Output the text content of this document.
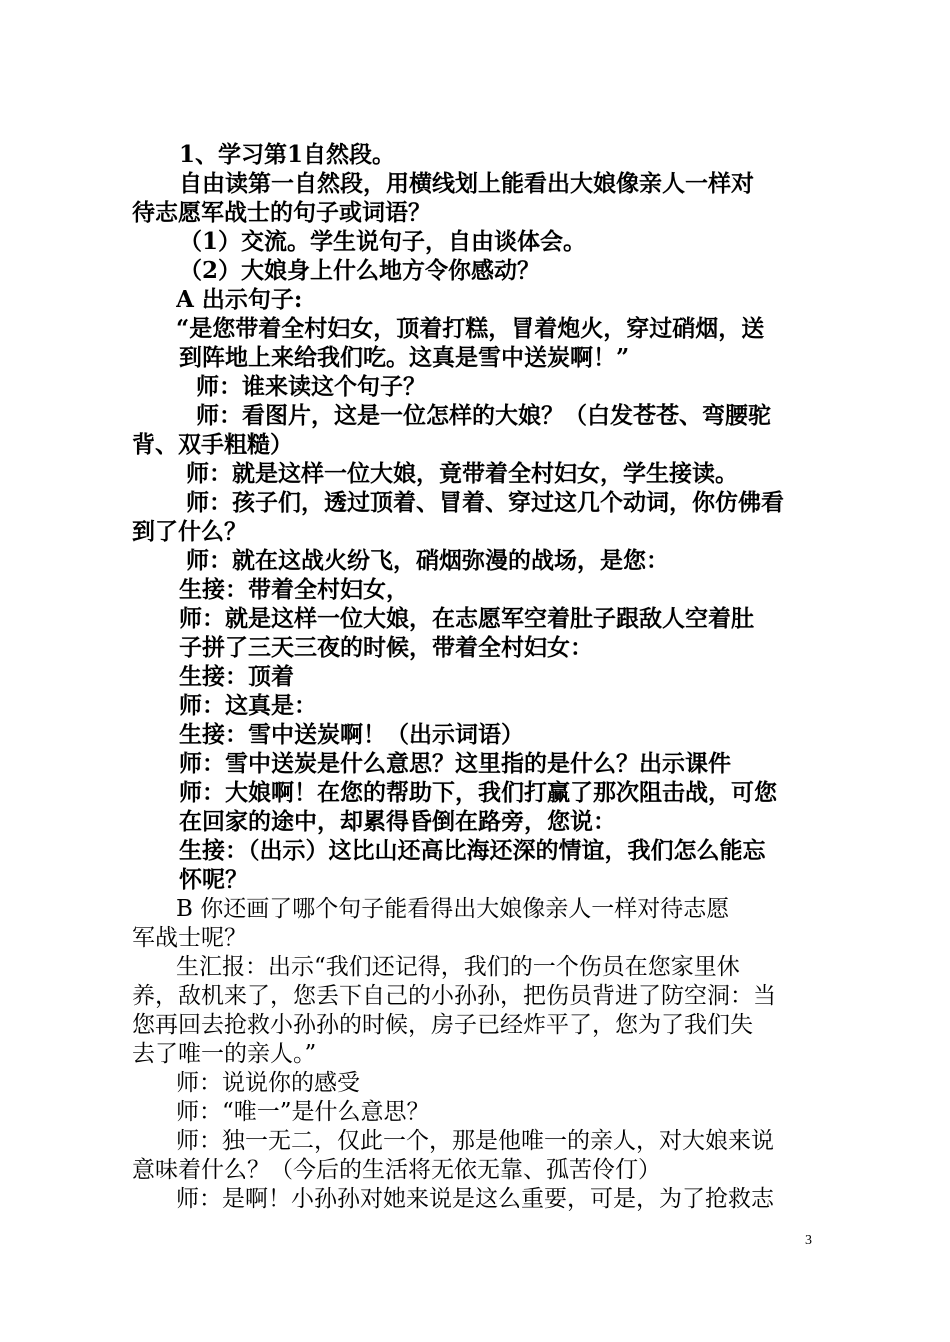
1、学习第1自然段。
自由读第一自然段，用横线划上能看出大娘像亲人一样对
待志愿军战士的句子或词语？
（1）交流。学生说句子，自由谈体会。
（2）大娘身上什么地方令你感动？
A 出示句子:
“是您带着全村妇女，顶着打糕，冒着炮火，穿过硝烟，送
到阵地上来给我们吃。这真是雪中送炭啊！”
师：谁来读这个句子？
师：看图片，这是一位怎样的大娘？（白发苍苍、弯腰驼
背、双手粗糙）
师：就是这样一位大娘，竟带着全村妇女，学生接读。
师：孩子们，透过顶着、冒着、穿过这几个动词，你仿佛看
到了什么？
师：就在这战火纷飞，硝烟弥漫的战场，是您：
生接：带着全村妇女，
师：就是这样一位大娘，在志愿军空着肚子跟敌人空着肚
子拼了三天三夜的时候，带着全村妇女：
生接：顶着
师：这真是：
生接：雪中送炭啊！（出示词语）
师：雪中送炭是什么意思？这里指的是什么？出示课件
师：大娘啊！在您的帮助下，我们打赢了那次阻击战，可您
在回家的途中，却累得昏倒在路旁，您说：
生接：（出示）这比山还高比海还深的情谊，我们怎么能忘
怀呢？
B 你还画了哪个句子能看得出大娘像亲人一样对待志愿
军战士呢？
生汇报：出示“我们还记得，我们的一个伤员在您家里休
养，敌机来了，您丢下自己的小孙孙，把伤员背进了防空洞：当
您再回去抢救小孙孙的时候，房子已经炸平了，您为了我们失
去了唯一的亲人。”
师：说说你的感受
师：“唯一”是什么意思？
师：独一无二，仅此一个，那是他唯一的亲人，对大娘来说
意味着什么？（今后的生活将无依无靠、孤苦伶仃）
师：是啊！小孙孙对她来说是这么重要，可是，为了抢救志
3
